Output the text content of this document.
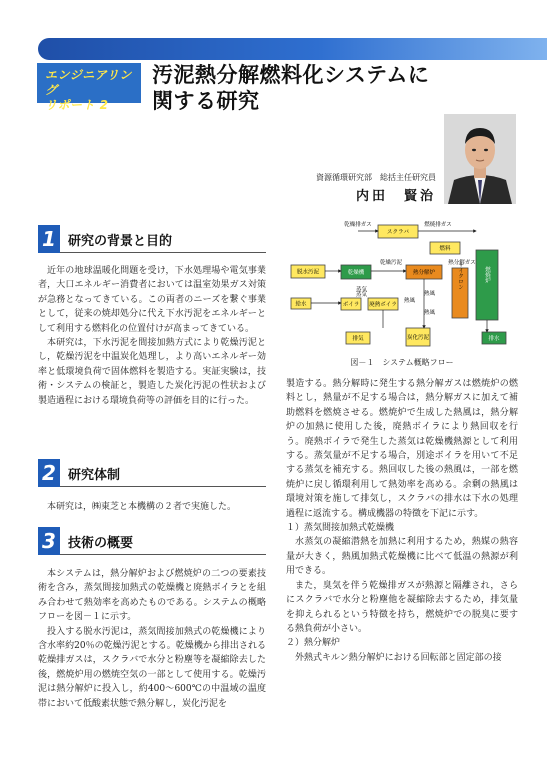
エンジニアリング
リポート 2
汚泥熱分解燃料化システムに
関する研究
資源循環研究部　総括主任研究員
内田　賢治
1 研究の背景と目的

近年の地球温暖化問題を受け，下水処理場や電気事業者，大口エネルギー消費者においては温室効果ガス対策が急務となってきている。この両者のニーズを繋ぐ事業として，従来の焼却処分に代え下水汚泥をエネルギーとして利用する燃料化の位置付けが高まってきている。

本研究は，下水汚泥を間接加熱方式により乾燥汚泥とし，乾燥汚泥を中温炭化処理し，より高いエネルギー効率と低環境負荷で固体燃料を製造する。実証実験は，技術・システムの検証と，製造した炭化汚泥の性状および製造過程における環境負荷等の評価を目的に行った。

2 研究体制

本研究は，㈱東芝と本機構の２者で実施した。

3 技術の概要

本システムは，熱分解炉および燃焼炉の二つの要素技術を含み，蒸気間接加熱式の乾燥機と廃熱ボイラとを組み合わせて熱効率を高めたものである。システムの概略フローを図－１に示す。

投入する脱水汚泥は，蒸気間接加熱式の乾燥機により含水率約20％の乾燥汚泥とする。乾燥機から排出される乾燥排ガスは，スクラバで水分と粉塵等を凝縮除去した後，燃焼炉用の燃焼空気の一部として使用する。乾燥汚泥は熱分解炉に投入し，約400～600℃の中温域の温度帯において低酸素状態で熱分解し，炭化汚泥を

スクラバ
乾燥排ガス	燃焼排ガス
燃料
脱水汚泥	乾燥機
乾燥汚泥
熱分解炉
熱分解ガス
燃焼炉
サイクロン
給水	ボイラ 廃熱ボイラ
蒸気
蒸気
熱風
熱風
熱風
排気	炭化汚泥	排水
図－１　システム概略フロー

製造する。熱分解時に発生する熱分解ガスは燃焼炉の燃料とし，熱量が不足する場合は，熱分解ガスに加えて補助燃料を燃焼させる。燃焼炉で生成した熱風は，熱分解炉の加熱に使用した後，廃熱ボイラにより熱回収を行う。廃熱ボイラで発生した蒸気は乾燥機熱源として利用する。蒸気量が不足する場合，別途ボイラを用いて不足する蒸気を補充する。熱回収した後の熱風は，一部を燃焼炉に戻し循環利用して熱効率を高める。余剰の熱風は環境対策を施して排気し，スクラバの排水は下水の処理過程に返流する。構成機器の特徴を下記に示す。

１）蒸気間接加熱式乾燥機

水蒸気の凝縮潜熱を加熱に利用するため，熱媒の熱容量が大きく，熱風加熱式乾燥機に比べて低温の熱源が利用できる。

また，臭気を伴う乾燥排ガスが熱源と隔離され，さらにスクラバで水分と粉塵他を凝縮除去するため，排気量を抑えられるという特徴を持ち，燃焼炉での脱臭に要する熱負荷が小さい。

２）熱分解炉

外熱式キルン熱分解炉における回転部と固定部の接
